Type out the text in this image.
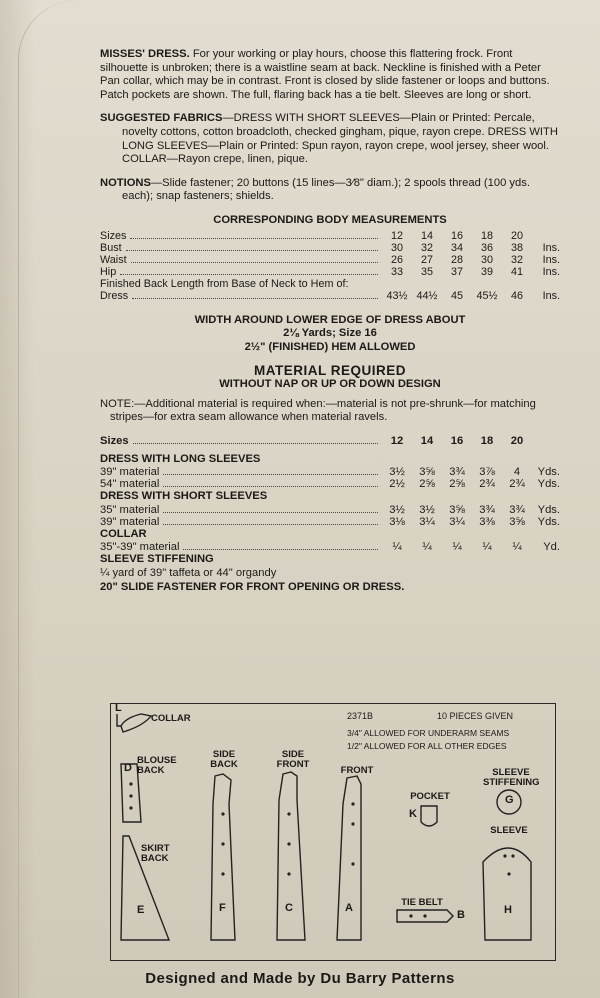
MISSES' DRESS. For your working or play hours, choose this flattering frock. Front silhouette is unbroken; there is a waistline seam at back. Neckline is finished with a Peter Pan collar, which may be in contrast. Front is closed by slide fastener or loops and buttons. Patch pockets are shown. The full, flaring back has a tie belt. Sleeves are long or short.

SUGGESTED FABRICS—DRESS WITH SHORT SLEEVES—Plain or Printed: Percale, novelty cottons, cotton broadcloth, checked gingham, pique, rayon crepe. DRESS WITH LONG SLEEVES—Plain or Printed: Spun rayon, rayon crepe, wool jersey, sheer wool. COLLAR—Rayon crepe, linen, pique.

NOTIONS—Slide fastener; 20 buttons (15 lines—3⁄8" diam.); 2 spools thread (100 yds. each); snap fasteners; shields.

CORRESPONDING BODY MEASUREMENTS
Sizes	12	14	16	18	20
Bust	30	32	34	36	38	Ins.
Waist	26	27	28	30	32	Ins.
Hip	33	35	37	39	41	Ins.
Finished Back Length from Base of Neck to Hem of:
Dress	43½ 44½	45	45½	46	Ins.
WIDTH AROUND LOWER EDGE OF DRESS ABOUT
2⅛ Yards; Size 16
2½" (FINISHED) HEM ALLOWED
MATERIAL REQUIRED
WITHOUT NAP OR UP OR DOWN DESIGN

NOTE:—Additional material is required when:—material is not pre-shrunk—for matching stripes—for extra seam allowance when material ravels.

Sizes	12	14	16	18	20
DRESS WITH LONG SLEEVES
39" material	3½	3⅝	3¾	3⅞	4	Yds.
54" material	2½	2⅝	2⅝	2¾	2¾	Yds.
DRESS WITH SHORT SLEEVES
35" material	3½	3½	3⅝	3¾	3¾	Yds.
39" material	3⅛	3¼	3¼	3⅜	3⅝	Yds.
COLLAR
35"-39" material	¼	¼	¼	¼	¼	Yd.
SLEEVE STIFFENING
¼ yard of 39" taffeta or 44" organdy
20" SLIDE FASTENER FOR FRONT OPENING OR DRESS.
2371B	10 PIECES GIVEN
3/4" ALLOWED FOR UNDERARM SEAMS
1/2" ALLOWED FOR ALL OTHER EDGES
COLLAR
L
BLOUSE BACK
D
SKIRT BACK
E
SIDE BACK
F
SIDE FRONT
C
FRONT
A
POCKET
K
SLEEVE STIFFENING
G
SLEEVE
H
TIE BELT
B
Designed and Made by Du Barry Patterns
